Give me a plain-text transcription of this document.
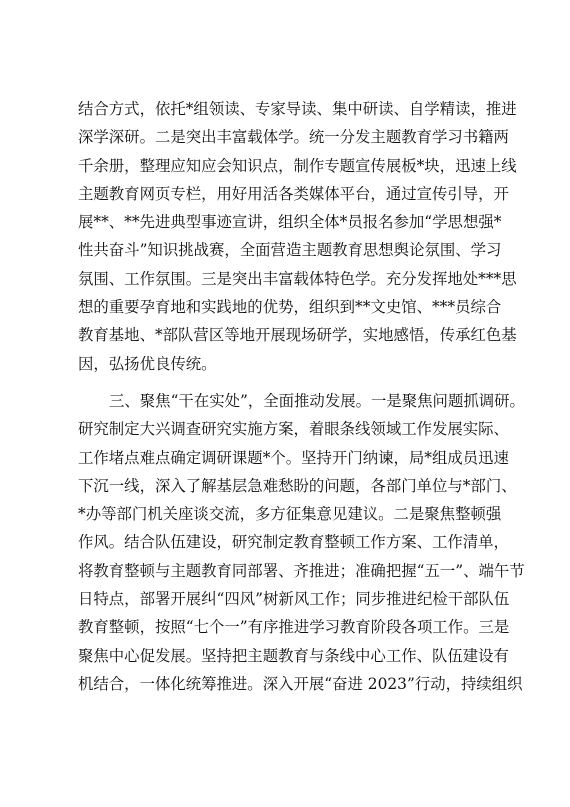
结合方式，依托*组领读、专家导读、集中研读、自学精读，推进
深学深研。二是突出丰富载体学。统一分发主题教育学习书籍两
千余册，整理应知应会知识点，制作专题宣传展板*块，迅速上线
主题教育网页专栏，用好用活各类媒体平台，通过宣传引导，开
展**、**先进典型事迹宣讲，组织全体*员报名参加“学思想强*
性共奋斗”知识挑战赛，全面营造主题教育思想舆论氛围、学习
氛围、工作氛围。三是突出丰富载体特色学。充分发挥地处***思
想的重要孕育地和实践地的优势，组织到**文史馆、***员综合
教育基地、*部队营区等地开展现场研学，实地感悟，传承红色基
因，弘扬优良传统。
三、聚焦“干在实处”，全面推动发展。一是聚焦问题抓调研。
研究制定大兴调查研究实施方案，着眼条线领域工作发展实际、
工作堵点难点确定调研课题*个。坚持开门纳谏，局*组成员迅速
下沉一线，深入了解基层急难愁盼的问题，各部门单位与*部门、
*办等部门机关座谈交流，多方征集意见建议。二是聚焦整顿强
作风。结合队伍建设，研究制定教育整顿工作方案、工作清单，
将教育整顿与主题教育同部署、齐推进；准确把握“五一”、端午节
日特点，部署开展纠“四风”树新风工作；同步推进纪检干部队伍
教育整顿，按照“七个一”有序推进学习教育阶段各项工作。三是
聚焦中心促发展。坚持把主题教育与条线中心工作、队伍建设有
机结合，一体化统筹推进。深入开展“奋进 2023”行动，持续组织
